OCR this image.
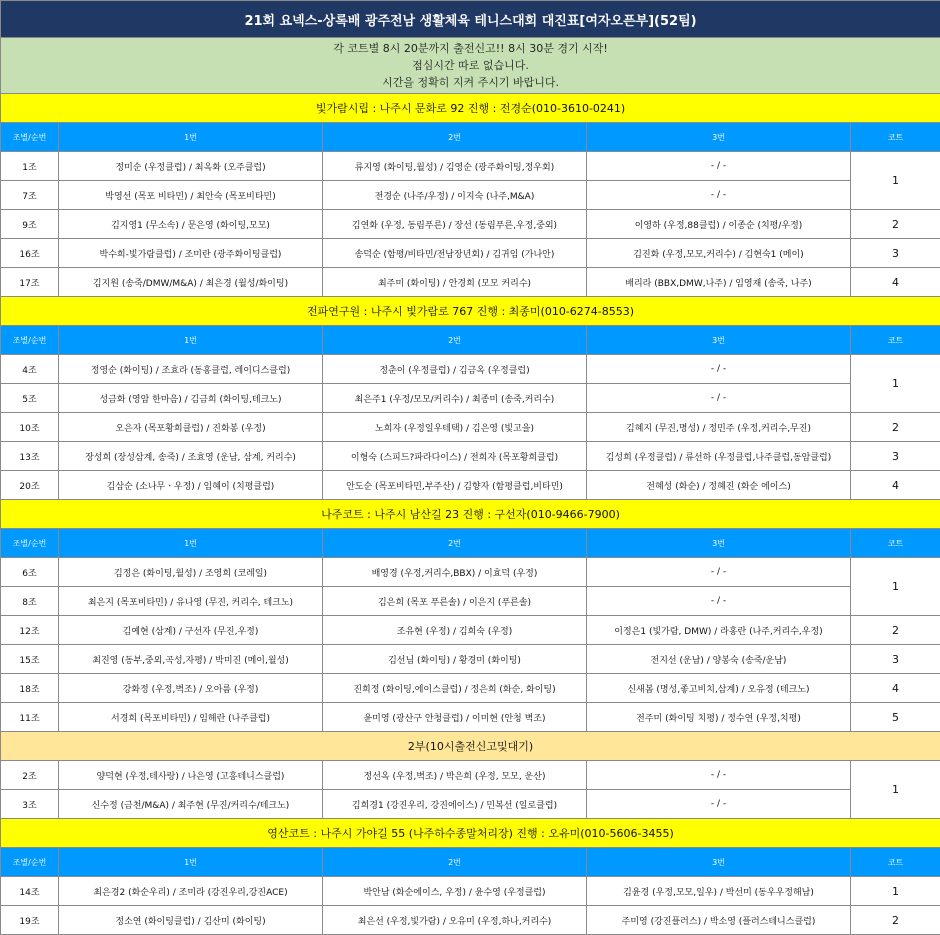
21회 요넥스-상록배 광주전남 생활체육 테니스대회 대진표[여자오픈부](52팀)				

각 코트별 8시 20분까지 출전신고!! 8시 30분 경기 시작!
점심시간 따로 없습니다.
시간을 정확히 지켜 주시기 바랍니다.				

빛가람시립 : 나주시 문화로 92 진행 : 전경순(010-3610-0241)				
조별/순번	1번	2번	3번	코트
1조	정미순 (우정클럽) / 최옥화 (오주클럽)	류지영 (화이팅,월성) / 김영순 (광주화이팅,정우회)	- / -	1
7조	박영선 (목포 비타민) / 최안숙 (목포비타민)	전경순 (나주/우정) / 이지숙 (나주,M&A)	- / -	
9조	김지영1 (무소속) / 문은영 (화이팅,모모)	김연화 (우정, 동림푸른) / 장선 (동림푸른,우정,중외)	이영하 (우정,88클럽) / 이종순 (치평/우정)	2
16조	박수희-빛가람클럽) / 조미란 (광주화이팅클럽)	송덕순 (함평/비타민/전남장년회) / 김귀임 (가나안)	김진화 (우정,모모,커리수) / 김현숙1 (메이)	3
17조	김지원 (송죽/DMW/M&A) / 최은경 (월성/화이팅)	최주미 (화이팅) / 안경희 (모모 커리수)	배리라 (BBX,DMW,나주) / 임영재 (송죽, 나주)	4
전파연구원 : 나주시 빛가람로 767 진행 : 최종미(010-6274-8553)				
조별/순번	1번	2번	3번	코트
4조	정영순 (화이팅) / 조효라 (동홍클럽, 레이디스클럽)	정춘이 (우정클럽) / 김금옥 (우정클럽)	- / -	1
5조	성금화 (영암 한마음) / 김금희 (화이팅,테크노)	최은주1 (우정/모모/커리수) / 최종미 (송죽,커리수)	- / -	
10조	오은자 (목포황희클럽) / 진화봉 (우정)	노희자 (우정일우테택) / 김은영 (빛고을)	김혜지 (무진,명성) / 정민주 (우정,커리수,무진)	2
13조	장성희 (장성삼계, 송죽) / 조효영 (운남, 삼계, 커리수)	이형숙 (스피드?파라다이스) / 전희자 (목포황희클럽)	김성희 (우정클럽) / 류선하 (우정클럽,나주클럽,동암클럽)	3
20조	김삼순 (소나무ㆍ우정) / 임혜이 (치평클럽)	안도순 (목포비타민,부주산) / 김향자 (함평클럽,비타민)	전혜성 (화순) / 정혜진 (화순 에이스)	4
나주코트 : 나주시 남산길 23 진행 : 구선자(010-9466-7900)				
조별/순번	1번	2번	3번	코트
6조	김정은 (화이팅,월성) / 조영희 (코레일)	배영경 (우정,커리수,BBX) / 이효덕 (우정)	- / -	1
8조	최은지 (목포비타민) / 유나영 (무진, 커리수, 테크노)	김은희 (목포 푸른솔) / 이은지 (푸른솔)	- / -	
12조	김예현 (삼계) / 구선자 (무진,우정)	조유현 (우정) / 김희숙 (우정)	이정은1 (빛가람, DMW) / 라홍란 (나주,커리수,우정)	2
15조	최진영 (동부,중외,곡성,자평) / 박미진 (메이,월성)	김선님 (화이팅) / 황경미 (화이팅)	전지선 (운남) / 양봉숙 (송죽/운남)	3
18조	강화정 (우정,벽조) / 오아름 (우정)	진희정 (화이팅,에이스클럽) / 정은희 (화순, 화이팅)	신새봄 (명성,좋고비치,삼계) / 오유정 (테크노)	4
11조	서경희 (목포비타민) / 임해란 (나주클럽)	윤미영 (광산구 안청클럽) / 이미현 (안청 벽조)	전주미 (화이팅 치평) / 정수연 (우정,치평)	5
2부(10시출전신고및대기)				
2조	양덕현 (우정,테사랑) / 나은영 (고흥테니스클럽)	정선옥 (우정,벽조) / 박은희 (우정, 모모, 운산)	- / -	1
3조	신수정 (금천/M&A) / 최주현 (무진/커리수/테크노)	김희경1 (강진우리, 강진에이스) / 민복선 (일로클럽)	- / -	
영산코트 : 나주시 가야길 55 (나주하수종말처리장) 진행 : 오유미(010-5606-3455)				
조별/순번	1번	2번	3번	코트
14조	최은경2 (화순우리) / 조미라 (강진우리,강진ACE)	박안남 (화순에이스, 우정) / 윤수영 (우정클럽)	김윤경 (우정,모모,일우) / 박선미 (동우우정해남)	1
19조	정소연 (화이팅클럽) / 김산미 (화이팅)	최은선 (우정,빛가람) / 오유미 (우정,하나,커리수)	주미영 (강진플러스) / 박소영 (플러스테니스클럽)	2
